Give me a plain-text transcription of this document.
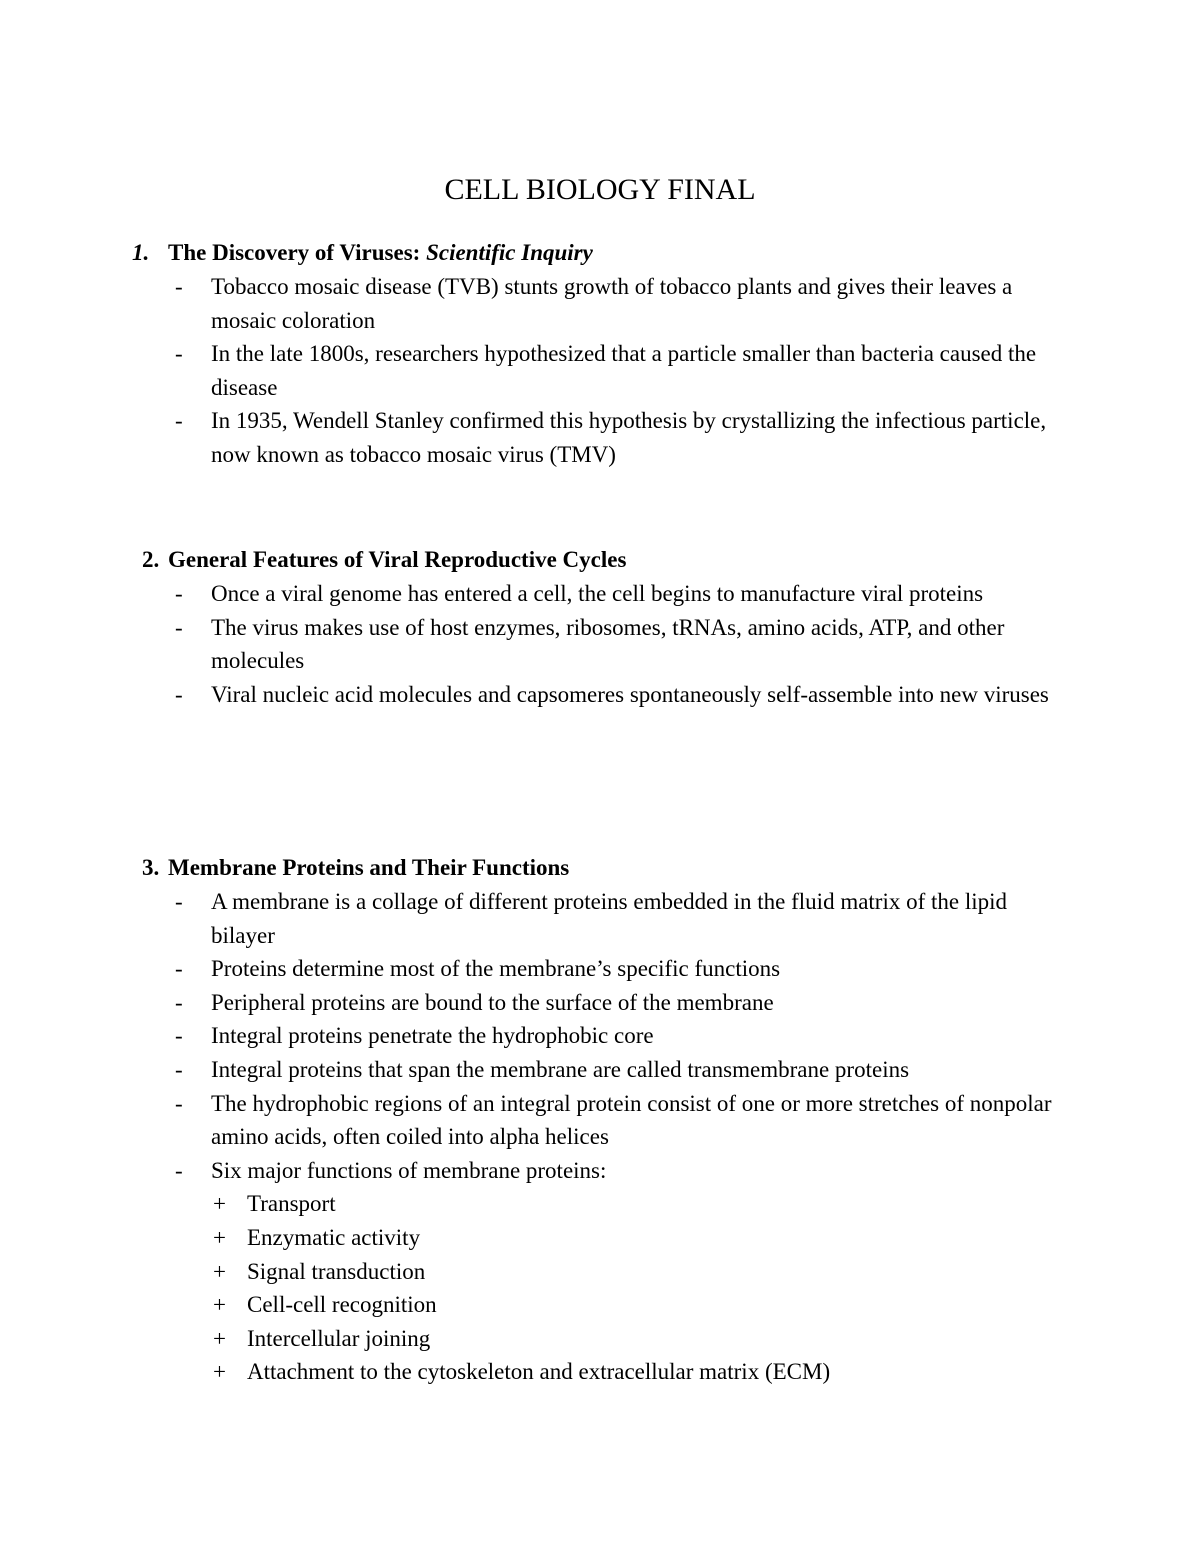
CELL BIOLOGY FINAL
1. The Discovery of Viruses: Scientific Inquiry
- Tobacco mosaic disease (TVB) stunts growth of tobacco plants and gives their leaves a mosaic coloration
- In the late 1800s, researchers hypothesized that a particle smaller than bacteria caused the disease
- In 1935, Wendell Stanley confirmed this hypothesis by crystallizing the infectious particle, now known as tobacco mosaic virus (TMV)
2. General Features of Viral Reproductive Cycles
- Once a viral genome has entered a cell, the cell begins to manufacture viral proteins
- The virus makes use of host enzymes, ribosomes, tRNAs, amino acids, ATP, and other molecules
- Viral nucleic acid molecules and capsomeres spontaneously self-assemble into new viruses
3. Membrane Proteins and Their Functions
- A membrane is a collage of different proteins embedded in the fluid matrix of the lipid bilayer
- Proteins determine most of the membrane’s specific functions
- Peripheral proteins are bound to the surface of the membrane
- Integral proteins penetrate the hydrophobic core
- Integral proteins that span the membrane are called transmembrane proteins
- The hydrophobic regions of an integral protein consist of one or more stretches of nonpolar amino acids, often coiled into alpha helices
- Six major functions of membrane proteins:
+ Transport
+ Enzymatic activity
+ Signal transduction
+ Cell-cell recognition
+ Intercellular joining
+ Attachment to the cytoskeleton and extracellular matrix (ECM)
